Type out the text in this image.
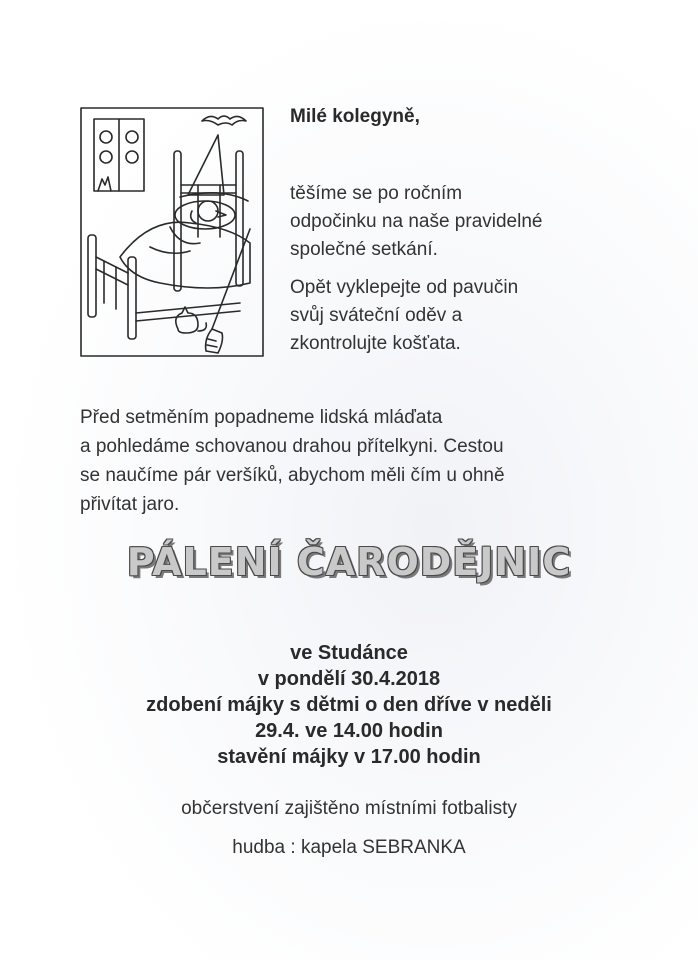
Milé kolegyně,

těšíme se po ročním
odpočinku na naše pravidelné
společné setkání.

Opět vyklepejte od pavučin
svůj sváteční oděv a
zkontrolujte košťata.

Před setměním popadneme lidská mláďata
a pohledáme schovanou drahou přítelkyni. Cestou
se naučíme pár veršíků, abychom měli čím u ohně
přivítat jaro.
PÁLENÍ ČARODĚJNIC
ve Studánce
v pondělí 30.4.2018
zdobení májky s dětmi o den dříve v neděli
29.4. ve 14.00 hodin
stavění májky v 17.00 hodin
občerstvení zajištěno místními fotbalisty
hudba : kapela SEBRANKA
